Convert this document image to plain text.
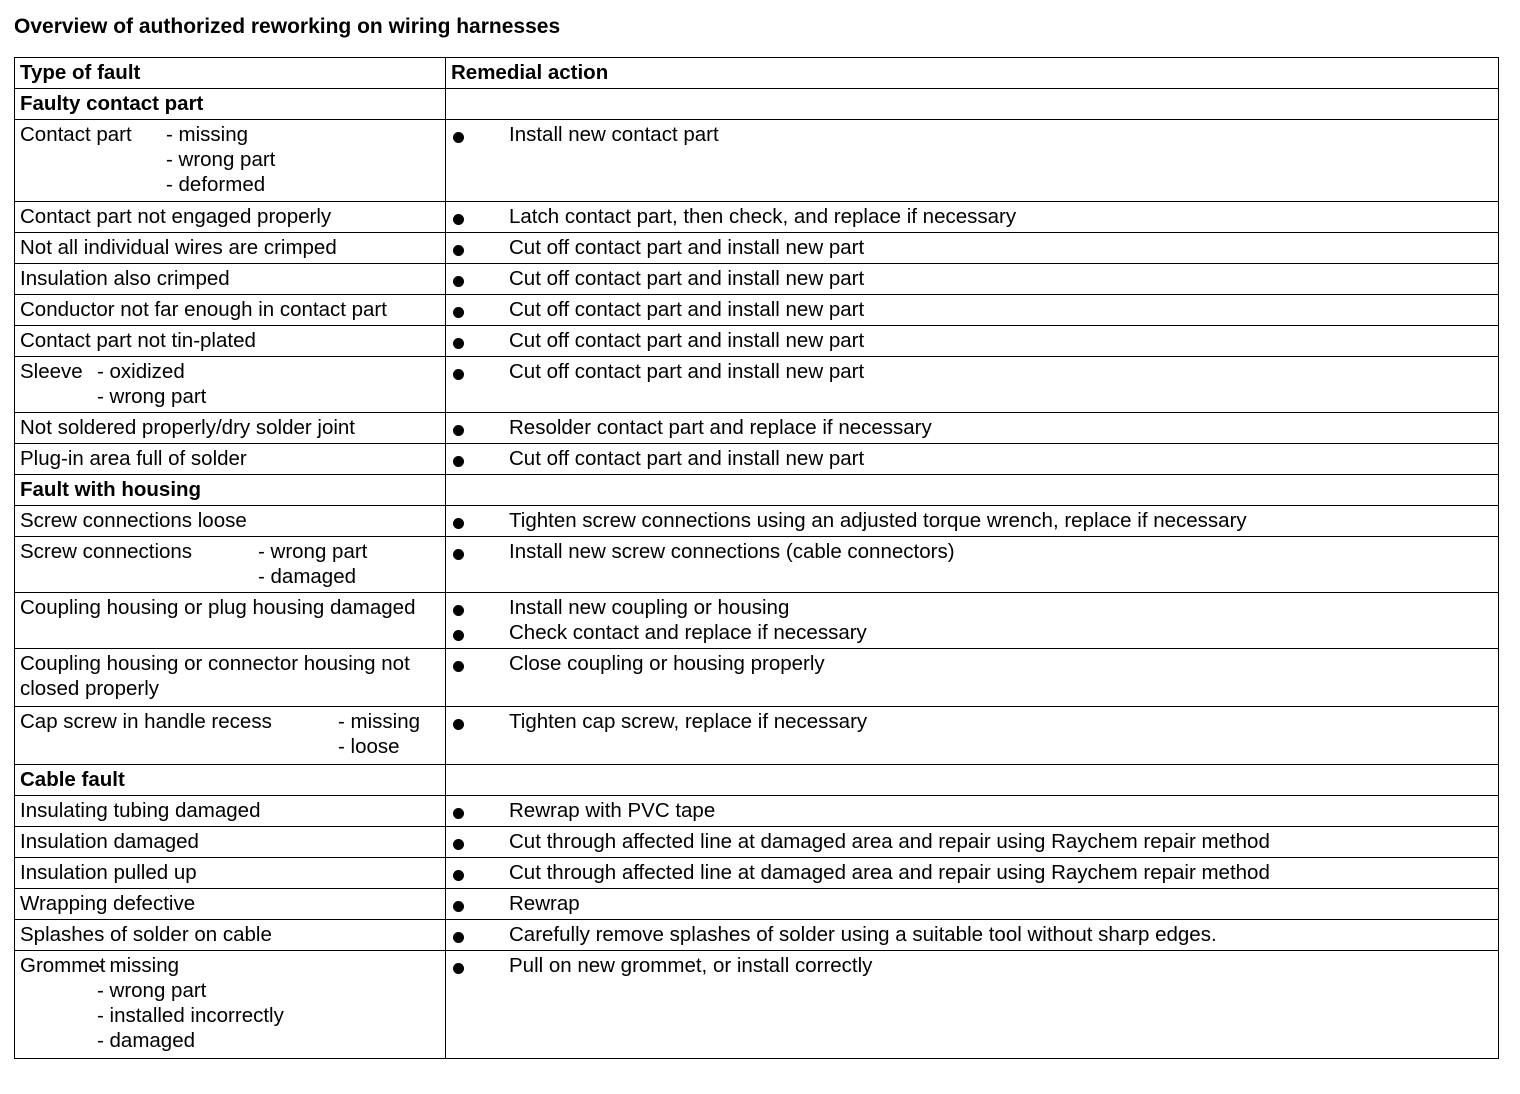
Overview of authorized reworking on wiring harnesses
Type of fault	Remedial action
Faulty contact part	

Contact part - missing
- wrong part
- deformed	Install new contact part

Contact part not engaged properly	Latch contact part, then check, and replace if necessary

Not all individual wires are crimped	Cut off contact part and install new part

Insulation also crimped	Cut off contact part and install new part

Conductor not far enough in contact part	Cut off contact part and install new part

Contact part not tin-plated	Cut off contact part and install new part

Sleeve - oxidized
- wrong part	Cut off contact part and install new part

Not soldered properly/dry solder joint	Resolder contact part and replace if necessary

Plug-in area full of solder	Cut off contact part and install new part

Fault with housing	
Screw connections loose	Tighten screw connections using an adjusted torque wrench, replace if necessary

Screw connections - wrong part
- damaged	Install new screw connections (cable connectors)

Coupling housing or plug housing damaged	Install new coupling or housing
Check contact and replace if necessary

Coupling housing or connector housing not closed properly	Close coupling or housing properly

Cap screw in handle recess - missing
- loose	Tighten cap screw, replace if necessary

Cable fault	
Insulating tubing damaged	Rewrap with PVC tape

Insulation damaged	Cut through affected line at damaged area and repair using Raychem repair method

Insulation pulled up	Cut through affected line at damaged area and repair using Raychem repair method

Wrapping defective	Rewrap

Splashes of solder on cable	Carefully remove splashes of solder using a suitable tool without sharp edges.

Grommet
- missing
- wrong part
- installed incorrectly
- damaged	Pull on new grommet, or install correctly
